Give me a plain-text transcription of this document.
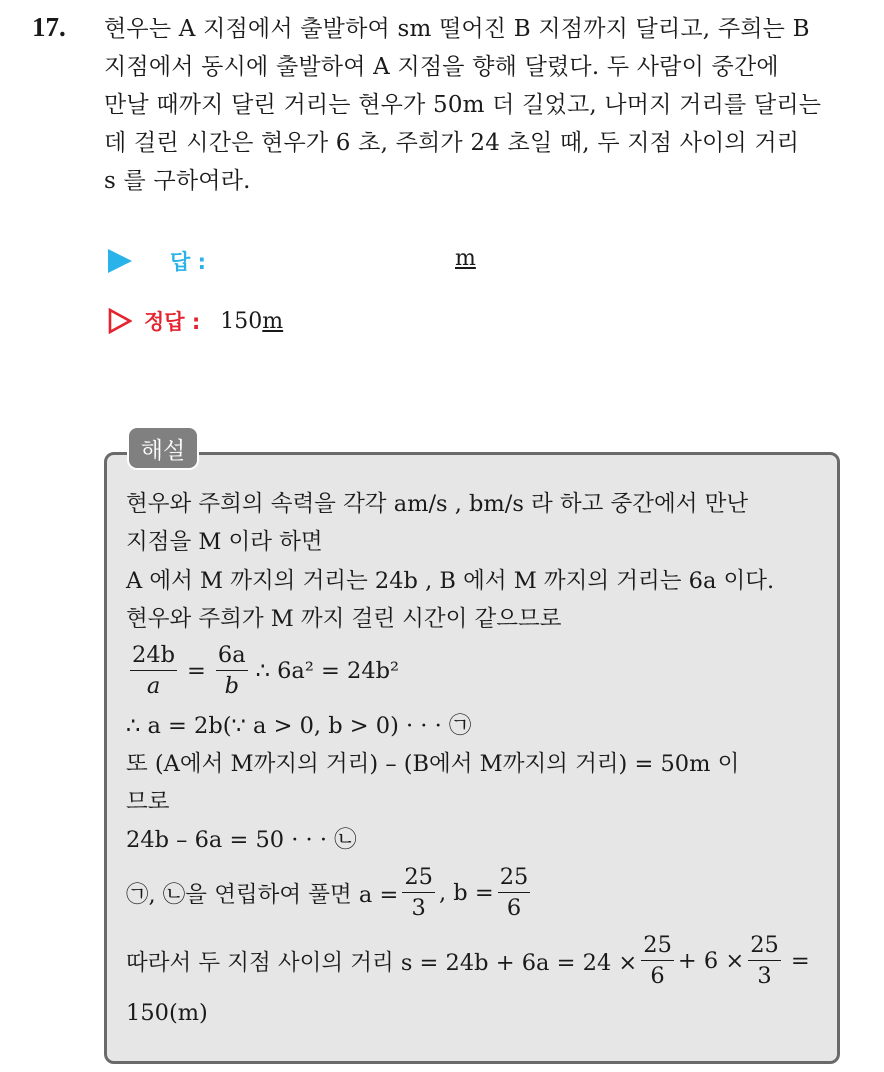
17. 현우는 A 지점에서 출발하여 sm 떨어진 B 지점까지 달리고, 주희는 B
지점에서 동시에 출발하여 A 지점을 향해 달렸다. 두 사람이 중간에
만날 때까지 달린 거리는 현우가 50m 더 길었고, 나머지 거리를 달리는
데 걸린 시간은 현우가 6 초, 주희가 24 초일 때, 두 지점 사이의 거리
s 를 구하여라.
답 :	m
정답 : 150m
해설
현우와 주희의 속력을 각각 am/s , bm/s 라 하고 중간에서 만난
지점을 M 이라 하면
A 에서 M 까지의 거리는 24b , B 에서 M 까지의 거리는 6a 이다.
현우와 주희가 M 까지 걸린 시간이 같으므로
$\frac{24b}{a} = \frac{6a}{b}$ ∴ 6a² = 24b²
∴ a = 2b(∵ a > 0, b > 0) · · · ㉠
또 (A에서 M까지의 거리) – (B에서 M까지의 거리) = 50m 이
므로
24b – 6a = 50 · · · ㉡
㉠, ㉡을 연립하여 풀면 $a = \frac{25}{3}$ , $b = \frac{25}{6}$
따라서 두 지점 사이의 거리 $s = 24b + 6a = 24 \times \frac{25}{6} + 6 \times \frac{25}{3}$ =
150(m)
